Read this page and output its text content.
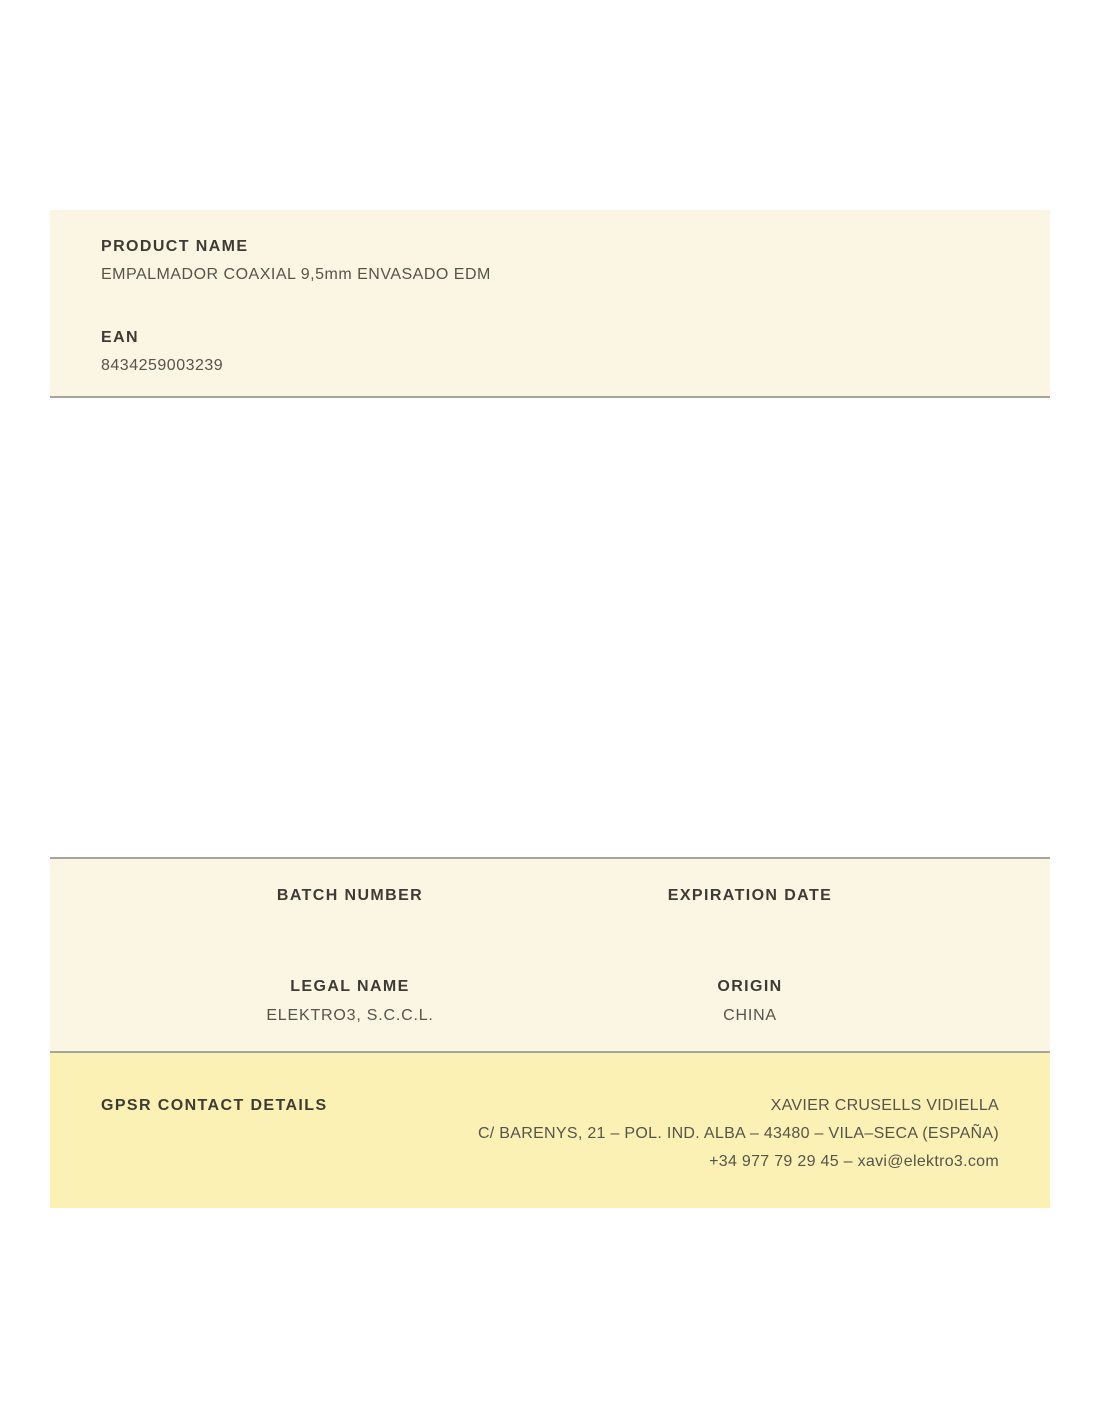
PRODUCT NAME
EMPALMADOR COAXIAL 9,5mm ENVASADO EDM
EAN
8434259003239
BATCH NUMBER	EXPIRATION DATE
LEGAL NAME
ELEKTRO3, S.C.C.L.
ORIGIN
CHINA
GPSR CONTACT DETAILS	XAVIER CRUSELLS VIDIELLA
C/ BARENYS, 21 – POL. IND. ALBA – 43480 – VILA–SECA (ESPAÑA)
+34 977 79 29 45 – xavi@elektro3.com
